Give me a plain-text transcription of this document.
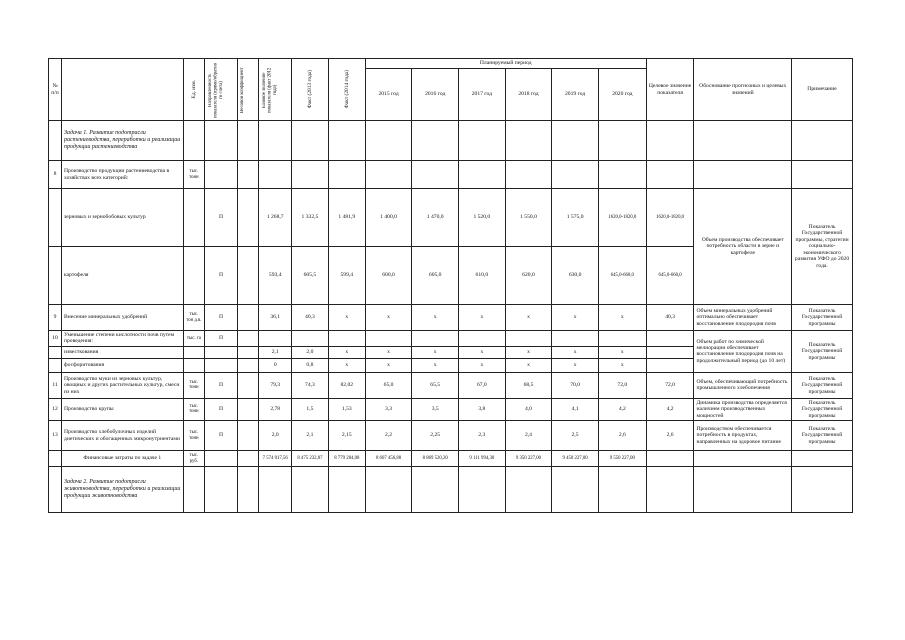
№ п/п		Ед. изм.	Направленность показателя (прямо/обратно го счета)	Весовой коэффициент	Базовое значение показателя (факт 2012 года)	Факт (2013 года)	Факт (2014 года)	Планируемый период						Целевое значение показателя	Обоснование прогнозных и целевых значений	Примечание
								2015 год	2016 год	2017 год	2018 год	2019 год	2020 год			
	Задача 1. Развитие подотрасли растениеводства, переработки и реализации продукции растениеводства															
8	Производство продукции растениеводства в хозяйствах всех категорий:	тыс. тонн														
	зерновых и зернобобовых культур		П		1 268,7	1 332,5	1 481,9	1 400,0	1 470,0	1 520,0	1 550,0	1 575,0	1620,0-1820,0	1620,0-1820,0	Объем производства обеспечивает потребность области в зерне и картофеле	Показатель Государственной программы, стратегии социально-экономического развития УФО до 2020 года.
	картофеля		П		593,4	605,5	599,4	600,0	605,0	610,0	620,0	630,0	645,0-660,0	645,0-660,0		
9	Внесение минеральных удобрений	тыс. тон д.в.	П		36,1	40,3	х	х	х	х	х	х	х	40,3	Объем минеральных удобрений оптимально обеспечивает восстановление плодородия почв	Показатель Государственной программы
10	Уменьшение степени кислотности почв путем проведения:	тыс. га	П												Объем работ по химической мелиорации обеспечивает восстановление плодородия почв на продолжительный период (до 10 лет)	Показатель Государственной программы
	известкования				2,1	2,0	х	х	х	х	х	х	х			
	фосфоритования				0	0,8	х	х	х	х	х	х	х			
11	Производство муки из зерновых культур, овощных и других растительных культур, смеси из них	тыс. тонн	П		79,3	74,3	82,02	65,0	65,5	67,0	68,5	70,0	72,0	72,0	Объем, обеспечивающий потребность промышленного хлебопечения	Показатель Государственной программы
12	Производство крупы	тыс. тонн	П		2,78	1,5	1,53	3,3	3,5	3,8	4,0	4,1	4,2	4,2	Динамика производства определяется наличием производственных мощностей	Показатель Государственной программы
13	Производство хлебобулочных изделий диетических и обогащенных микронутриентами	тыс. тонн	П		2,0	2,1	2,15	2,2	2,25	2,3	2,4	2,5	2,6	2,6	Производством обеспечивается потребность в продуктах, направленных на здоровое питание	Показатель Государственной программы
	Финансовые затраты по задаче 1	тыс. руб.			7 574 017,56	8 475 232,87	8 779 284,08	8 607 456,88	8 869 520,20	9 111 994,30	9 350 227,00	9 450 227,00	9 550 227,00			
	Задача 2. Развитие подотрасли животноводства, переработки и реализации продукции животноводства															
